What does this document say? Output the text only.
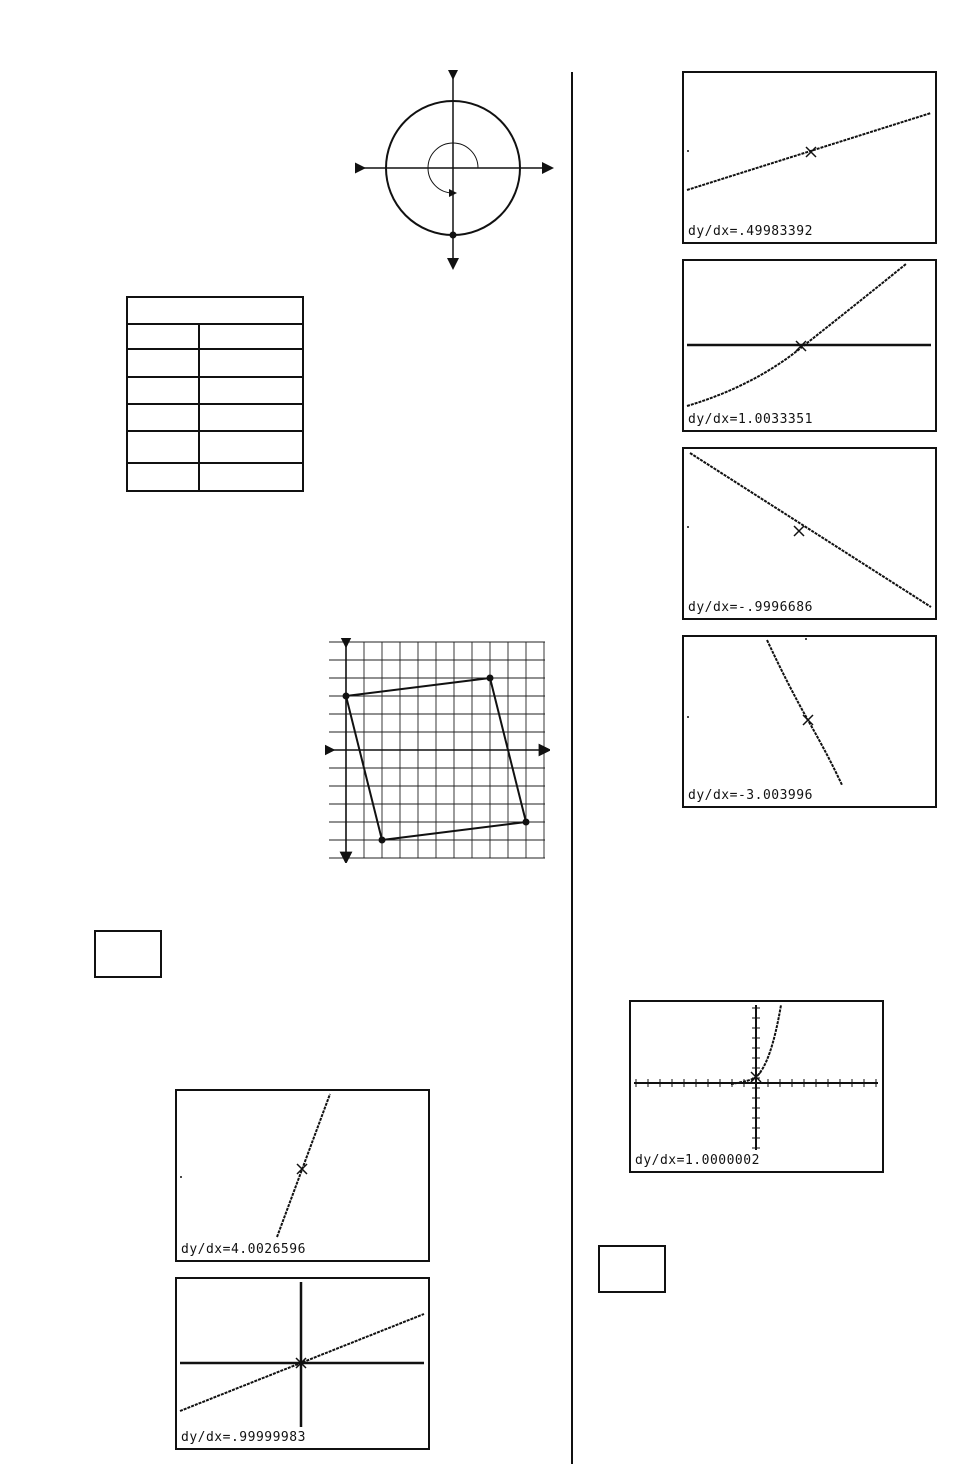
dy/dx=.49983392
dy/dx=1.0033351
dy/dx=-.9996686
dy/dx=-3.003996
dy/dx=1.0000002
dy/dx=4.0026596
dy/dx=.99999983
